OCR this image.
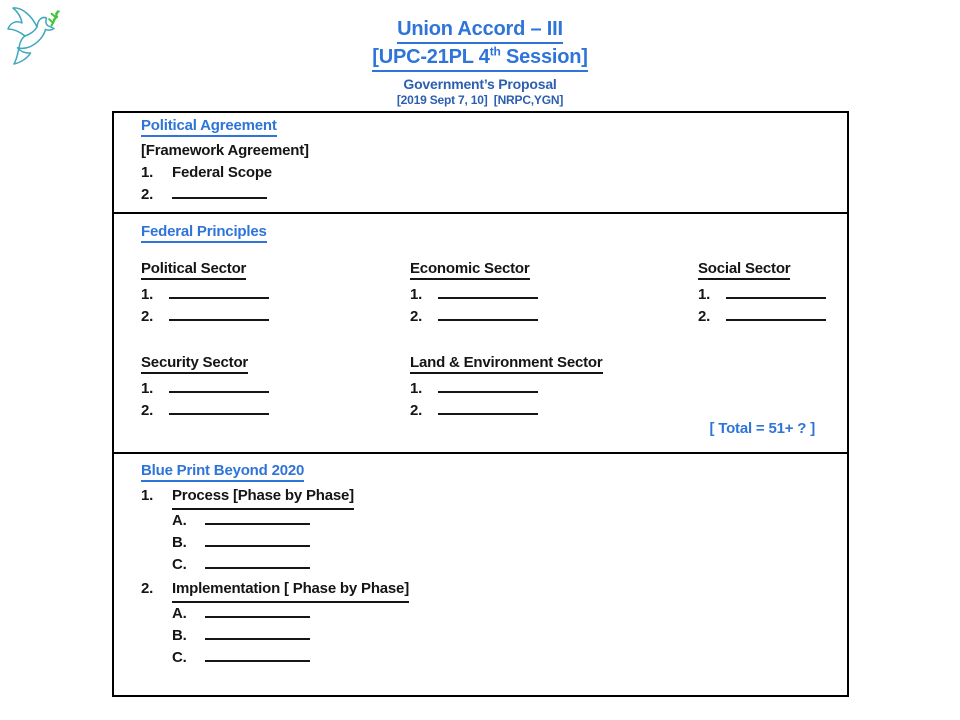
Union Accord – III
[UPC-21PL 4th Session]
Government’s Proposal
[2019 Sept 7, 10]  [NRPC,YGN]
Political Agreement
[Framework Agreement]
1.	Federal Scope
2.
Federal Principles
Political Sector
1.
2.
Economic Sector
1.
2.
Social Sector
1.
2.
Security Sector
1.
2.
Land & Environment Sector
1.
2.
[ Total = 51+ ? ]
Blue Print Beyond 2020
1.	Process [Phase by Phase]
A.
B.
C.
2.	Implementation [ Phase by Phase]
A.
B.
C.
